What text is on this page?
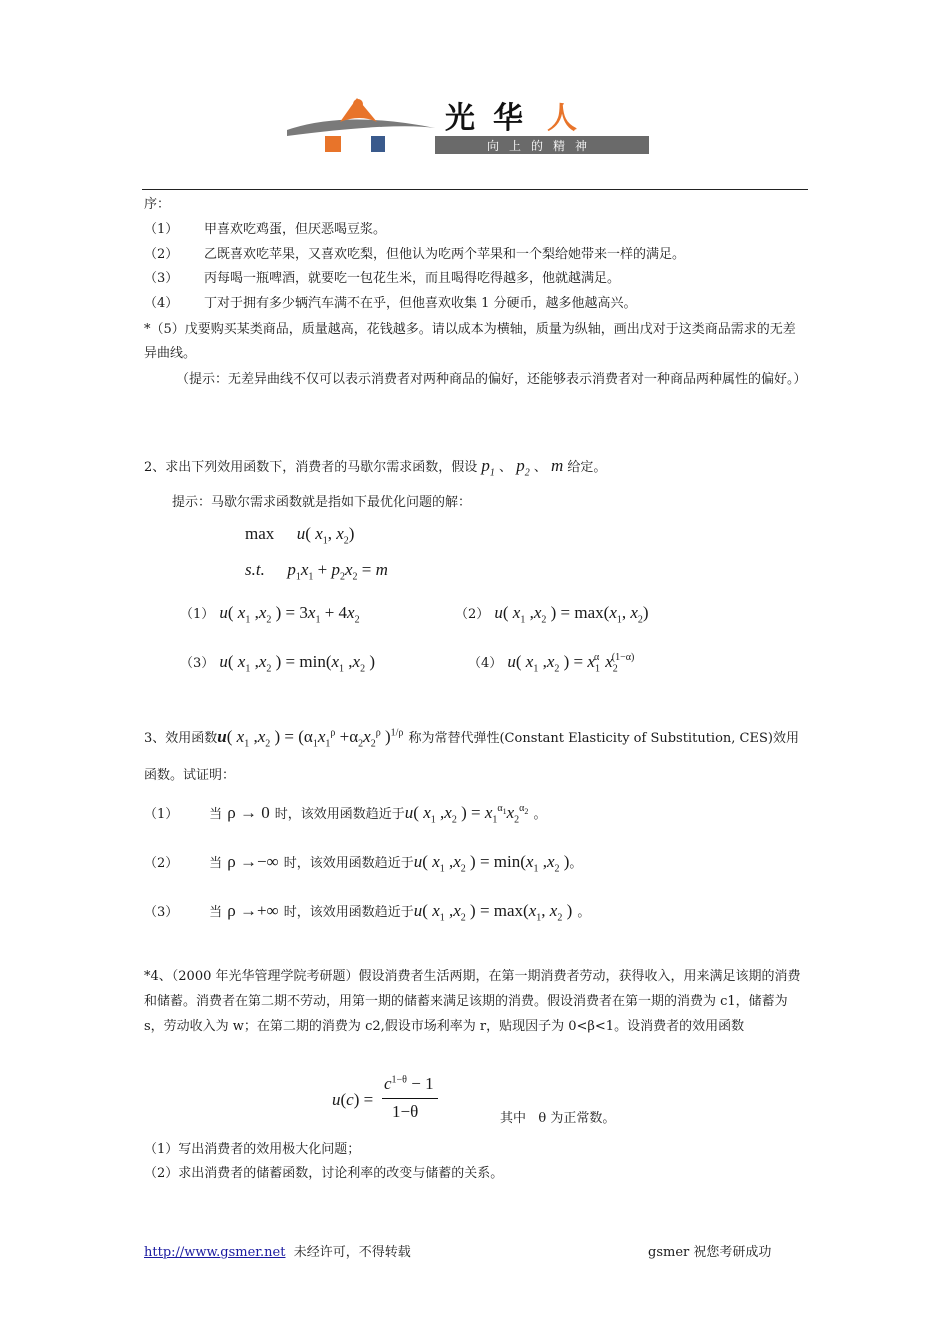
光 华 人
向上的精神
序：
（1） 甲喜欢吃鸡蛋，但厌恶喝豆浆。
（2） 乙既喜欢吃苹果，又喜欢吃梨，但他认为吃两个苹果和一个梨给她带来一样的满足。
（3） 丙每喝一瓶啤酒，就要吃一包花生米，而且喝得吃得越多，他就越满足。
（4） 丁对于拥有多少辆汽车满不在乎，但他喜欢收集 1 分硬币，越多他越高兴。
*（5）戊要购买某类商品，质量越高，花钱越多。请以成本为横轴，质量为纵轴，画出戊对于这类商品需求的无差异曲线。
（提示：无差异曲线不仅可以表示消费者对两种商品的偏好，还能够表示消费者对一种商品两种属性的偏好。）
2、求出下列效用函数下，消费者的马歇尔需求函数，假设 $p_1$ 、 $p_2$ 、 m 给定。
提示：马歇尔需求函数就是指如下最优化问题的解：
max u( $x_1$, $x_2$)
s.t. $p_1x_1 + p_2x_2 = m$
（1） u( $x_1$ $,x_2$ ) = $3x_1 + 4x_2$	（2） u( $x_1$ $,x_2$ ) = $\max(x_1$, $x_2$)
（3） u( $x_1$ $,x_2$ ) = $\min(x_1$ $,x_2$ )	（4） u( $x_1$ $,x_2$ ) = $x_1^\alpha$ $x_2^{(1-\alpha)}$
3、效用函数u( $x_1$ $,x_2$ ) = ($\alpha_1x_1^\rho +\alpha_2x_2^\rho$ )$^{1/\rho}$ 称为常替代弹性(Constant Elasticity of Substitution, CES)效用
函数。试证明：
（1） 当 ρ → 0 时，该效用函数趋近于u( $x_1$ $,x_2$ ) = $x_1^{\alpha_1}x_2^{\alpha_2}$ 。
（2） 当 ρ →−∞ 时，该效用函数趋近于u( $x_1$ $,x_2$ ) = $\min(x_1$ $,x_2$ )。
（3） 当 ρ →+∞ 时，该效用函数趋近于u( $x_1$ $,x_2$ ) = $\max(x_1$, $x_2$ ) 。
*4、（2000 年光华管理学院考研题）假设消费者生活两期，在第一期消费者劳动，获得收入，用来满足该期的消费和储蓄。消费者在第二期不劳动，用第一期的储蓄来满足该期的消费。假设消费者在第一期的消费为 c1，储蓄为 s，劳动收入为 w；在第二期的消费为 c2,假设市场利率为 r，贴现因子为 0<β<1。设消费者的效用函数
u(c) =
$c^{1-\theta} - 1$
1−θ	其中 θ 为正常数。
（1）写出消费者的效用极大化问题；
（2）求出消费者的储蓄函数，讨论利率的改变与储蓄的关系。
http://www.gsmer.net 未经许可，不得转载	gsmer 祝您考研成功
